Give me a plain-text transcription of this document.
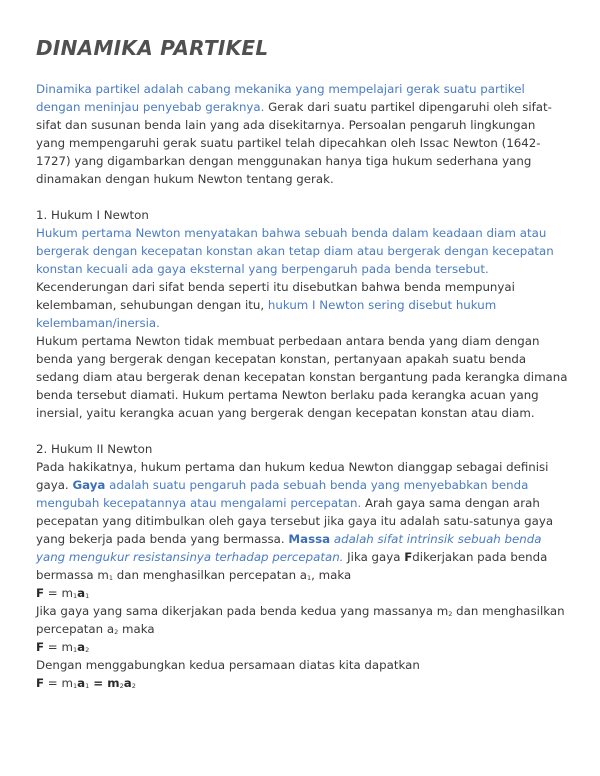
DINAMIKA PARTIKEL

Dinamika partikel adalah cabang mekanika yang mempelajari gerak suatu partikel dengan meninjau penyebab geraknya. Gerak dari suatu partikel dipengaruhi oleh sifat-sifat dan susunan benda lain yang ada disekitarnya. Persoalan pengaruh lingkungan yang mempengaruhi gerak suatu partikel telah dipecahkan oleh Issac Newton (1642-1727) yang digambarkan dengan menggunakan hanya tiga hukum sederhana yang dinamakan dengan hukum Newton tentang gerak.

1. Hukum I Newton

Hukum pertama Newton menyatakan bahwa sebuah benda dalam keadaan diam atau bergerak dengan kecepatan konstan akan tetap diam atau bergerak dengan kecepatan konstan kecuali ada gaya eksternal yang berpengaruh pada benda tersebut.

Kecenderungan dari sifat benda seperti itu disebutkan bahwa benda mempunyai kelembaman, sehubungan dengan itu, hukum I Newton sering disebut hukum kelembaman/inersia.

Hukum pertama Newton tidak membuat perbedaan antara benda yang diam dengan benda yang bergerak dengan kecepatan konstan, pertanyaan apakah suatu benda sedang diam atau bergerak denan kecepatan konstan bergantung pada kerangka dimana benda tersebut diamati. Hukum pertama Newton berlaku pada kerangka acuan yang inersial, yaitu kerangka acuan yang bergerak dengan kecepatan konstan atau diam.

2. Hukum II Newton

Pada hakikatnya, hukum pertama dan hukum kedua Newton dianggap sebagai definisi gaya. Gaya adalah suatu pengaruh pada sebuah benda yang menyebabkan benda mengubah kecepatannya atau mengalami percepatan. Arah gaya sama dengan arah pecepatan yang ditimbulkan oleh gaya tersebut jika gaya itu adalah satu-satunya gaya yang bekerja pada benda yang bermassa. Massa adalah sifat intrinsik sebuah benda yang mengukur resistansinya terhadap percepatan. Jika gaya Fdikerjakan pada benda bermassa $m_1$ dan menghasilkan percepatan $a_1$, maka

$F = m_1a_1$

Jika gaya yang sama dikerjakan pada benda kedua yang massanya $m_2$ dan menghasilkan percepatan $a_2$ maka

$F = m_1a_2$

Dengan menggabungkan kedua persamaan diatas kita dapatkan

$F = m_1a_1 = m_2a_2$
